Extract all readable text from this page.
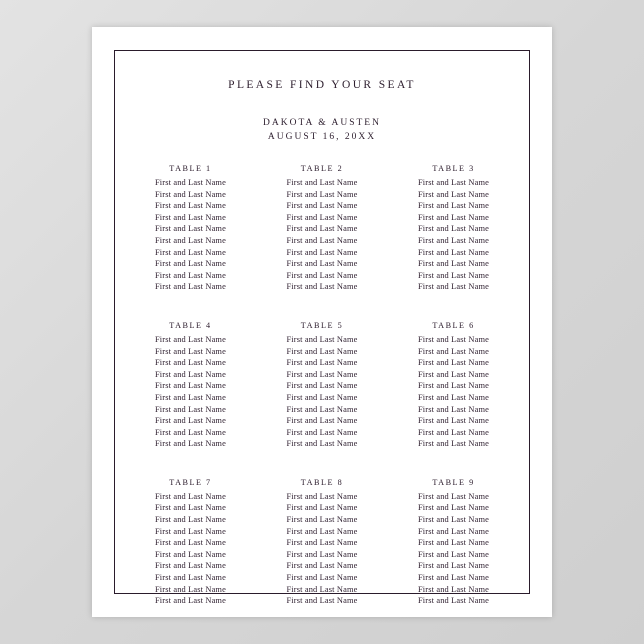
PLEASE FIND YOUR SEAT
DAKOTA & AUSTEN
AUGUST 16, 20XX
TABLE 1
First and Last Name
First and Last Name
First and Last Name
First and Last Name
First and Last Name
First and Last Name
First and Last Name
First and Last Name
First and Last Name
First and Last Name
TABLE 2
First and Last Name
First and Last Name
First and Last Name
First and Last Name
First and Last Name
First and Last Name
First and Last Name
First and Last Name
First and Last Name
First and Last Name
TABLE 3
First and Last Name
First and Last Name
First and Last Name
First and Last Name
First and Last Name
First and Last Name
First and Last Name
First and Last Name
First and Last Name
First and Last Name
TABLE 4
First and Last Name
First and Last Name
First and Last Name
First and Last Name
First and Last Name
First and Last Name
First and Last Name
First and Last Name
First and Last Name
First and Last Name
TABLE 5
First and Last Name
First and Last Name
First and Last Name
First and Last Name
First and Last Name
First and Last Name
First and Last Name
First and Last Name
First and Last Name
First and Last Name
TABLE 6
First and Last Name
First and Last Name
First and Last Name
First and Last Name
First and Last Name
First and Last Name
First and Last Name
First and Last Name
First and Last Name
First and Last Name
TABLE 7
First and Last Name
First and Last Name
First and Last Name
First and Last Name
First and Last Name
First and Last Name
First and Last Name
First and Last Name
First and Last Name
First and Last Name
TABLE 8
First and Last Name
First and Last Name
First and Last Name
First and Last Name
First and Last Name
First and Last Name
First and Last Name
First and Last Name
First and Last Name
First and Last Name
TABLE 9
First and Last Name
First and Last Name
First and Last Name
First and Last Name
First and Last Name
First and Last Name
First and Last Name
First and Last Name
First and Last Name
First and Last Name
